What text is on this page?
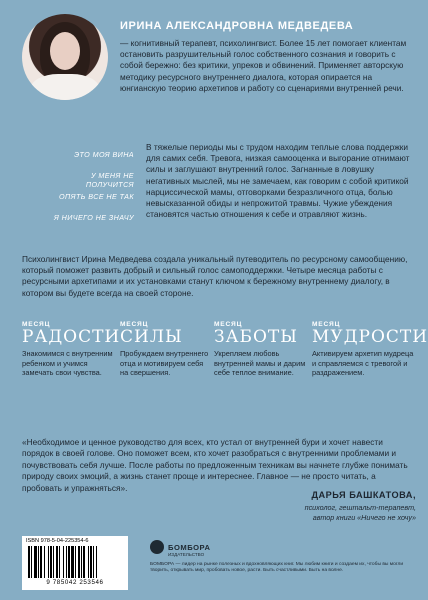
ИРИНА АЛЕКСАНДРОВНА МЕДВЕДЕВА
— когнитивный терапевт, психолингвист. Более 15 лет помогает клиентам остановить разрушительный голос собственного сознания и говорить с собой бережно: без критики, упреков и обвинений. Применяет авторскую методику ресурсного внутреннего диалога, которая опирается на юнгианскую теорию архетипов и работу со сценариями внутренней речи.
ЭТО МОЯ ВИНА
У МЕНЯ НЕ ПОЛУЧИТСЯ
ОПЯТЬ ВСЕ НЕ ТАК
Я НИЧЕГО НЕ ЗНАЧУ
В тяжелые периоды мы с трудом находим теплые слова поддержки для самих себя. Тревога, низкая самооценка и выгорание отнимают силы и заглушают внутренний голос. Загнанные в ловушку негативных мыслей, мы не замечаем, как говорим с собой критикой нарциссической мамы, отговорками безразличного отца, болью невысказанной обиды и непрожитой травмы. Чужие убеждения становятся частью отношения к себе и отравляют жизнь.
Психолингвист Ирина Медведева создала уникальный путеводитель по ресурсному самообщению, который поможет развить добрый и сильный голос самоподдержки. Четыре месяца работы с ресурсными архетипами и их установками станут ключом к бережному внутреннему диалогу, в котором вы будете всегда на своей стороне.
МЕСЯЦ
РАДОСТИ
Знакомимся с внутренним ребенком и учимся замечать свои чувства.
МЕСЯЦ
СИЛЫ
Пробуждаем внутреннего отца и мотивируем себя на свершения.
МЕСЯЦ
ЗАБОТЫ
Укрепляем любовь внутренней мамы и дарим себе теплое внимание.
МЕСЯЦ
МУДРОСТИ
Активируем архетип мудреца и справляемся с тревогой и раздражением.
«Необходимое и ценное руководство для всех, кто устал от внутренней бури и хочет навести порядок в своей голове. Оно поможет всем, кто хочет разобраться с внутренними проблемами и почувствовать себя лучше. После работы по предложенным техникам вы начнете глубже понимать природу своих эмоций, а жизнь станет проще и интереснее. Главное — не просто читать, а пробовать и упражняться».
ДАРЬЯ БАШКАТОВА,
психолог, гештальт-терапевт,
автор книги «Ничего не хочу»
ISBN 978-5-04-225354-6
9 785042 253546
БОМБОРА
ИЗДАТЕЛЬСТВО
БОМБОРА — лидер на рынке полезных и вдохновляющих книг. Мы любим книги и создаем их, чтобы вы могли творить, открывать мир, пробовать новое, расти. Быть счастливыми. Быть на волне.
